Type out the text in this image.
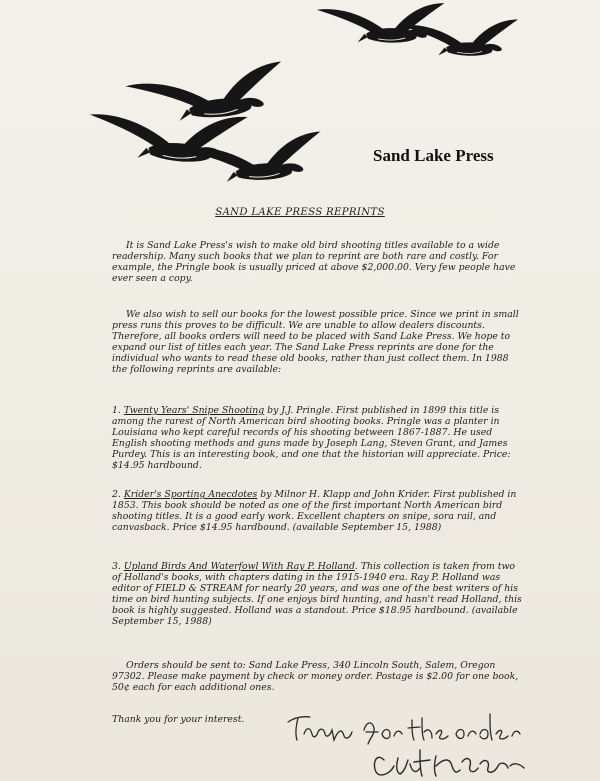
Sand Lake Press
SAND LAKE PRESS REPRINTS

It is Sand Lake Press's wish to make old bird shooting titles available to a wide readership. Many such books that we plan to reprint are both rare and costly. For example, the Pringle book is usually priced at above $2,000.00. Very few people have ever seen a copy.

We also wish to sell our books for the lowest possible price. Since we print in small press runs this proves to be difficult. We are unable to allow dealers discounts. Therefore, all books orders will need to be placed with Sand Lake Press. We hope to expand our list of titles each year. The Sand Lake Press reprints are done for the individual who wants to read these old books, rather than just collect them. In 1988 the following reprints are available:

1. Twenty Years' Snipe Shooting by J.J. Pringle. First published in 1899 this title is among the rarest of North American bird shooting books. Pringle was a planter in Louisiana who kept careful records of his shooting between 1867-1887. He used English shooting methods and guns made by Joseph Lang, Steven Grant, and James Purdey. This is an interesting book, and one that the historian will appreciate. Price: $14.95 hardbound.

2. Krider's Sporting Anecdotes by Milnor H. Klapp and John Krider. First published in 1853. This book should be noted as one of the first important North American bird shooting titles. It is a good early work. Excellent chapters on snipe, sora rail, and canvasback. Price $14.95 hardbound. (available September 15, 1988)

3. Upland Birds And Waterfowl With Ray P. Holland. This collection is taken from two of Holland's books, with chapters dating in the 1915-1940 era. Ray P. Holland was editor of FIELD & STREAM for nearly 20 years, and was one of the best writers of his time on bird hunting subjects. If one enjoys bird hunting, and hasn't read Holland, this book is highly suggested. Holland was a standout. Price $18.95 hardbound. (available September 15, 1988)

Orders should be sent to: Sand Lake Press, 340 Lincoln South, Salem, Oregon 97302. Please make payment by check or money order. Postage is $2.00 for one book, 50¢ each for each additional ones.

Thank you for your interest.

Thanks for the order
